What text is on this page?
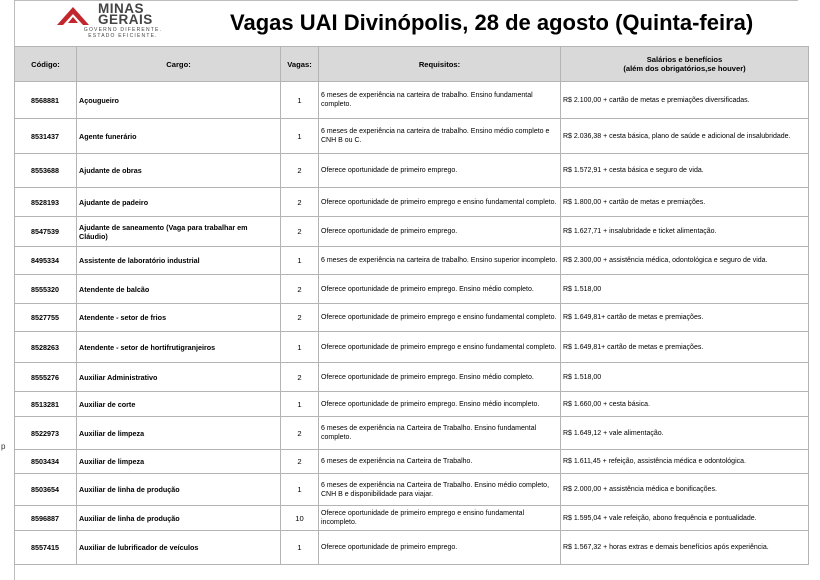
p
MINAS
GERAIS
GOVERNO DIFERENTE.
ESTADO EFICIENTE.
Vagas UAI Divinópolis, 28 de agosto (Quinta-feira)
Código:	Cargo:	Vagas:	Requisitos:	Salários e benefícios
(além dos obrigatórios,se houver)

8568881	Açougueiro	1	6 meses de experiência na carteira de trabalho. Ensino fundamental completo.	R$ 2.100,00 + cartão de metas e premiações diversificadas.
8531437	Agente funerário	1	6 meses de experiência na carteira de trabalho. Ensino médio completo e CNH B ou C.	R$ 2.036,38 + cesta básica, plano de saúde e adicional de insalubridade.
8553688	Ajudante de obras	2	Oferece oportunidade de primeiro emprego.	R$ 1.572,91 + cesta básica e seguro de vida.
8528193	Ajudante de padeiro	2	Oferece oportunidade de primeiro emprego e ensino fundamental completo.	R$ 1.800,00 + cartão de metas e premiações.
8547539	Ajudante de saneamento (Vaga para trabalhar em Cláudio)	2	Oferece oportunidade de primeiro emprego.	R$ 1.627,71 + insalubridade e ticket alimentação.
8495334	Assistente de laboratório industrial	1	6 meses de experiência na carteira de trabalho. Ensino superior incompleto.	R$ 2.300,00 + assistência médica, odontológica e seguro de vida.
8555320	Atendente de balcão	2	Oferece oportunidade de primeiro emprego. Ensino médio completo.	R$ 1.518,00
8527755	Atendente - setor de frios	2	Oferece oportunidade de primeiro emprego e ensino fundamental completo.	R$ 1.649,81+ cartão de metas e premiações.
8528263	Atendente - setor de hortifrutigranjeiros	1	Oferece oportunidade de primeiro emprego e ensino fundamental completo.	R$ 1.649,81+ cartão de metas e premiações.
8555276	Auxiliar Administrativo	2	Oferece oportunidade de primeiro emprego. Ensino médio completo.	R$ 1.518,00
8513281	Auxiliar de corte	1	Oferece oportunidade de primeiro emprego. Ensino médio incompleto.	R$ 1.660,00 + cesta básica.
8522973	Auxiliar de limpeza	2	6 meses de experiência na Carteira de Trabalho. Ensino fundamental completo.	R$ 1.649,12 + vale alimentação.
8503434	Auxiliar de limpeza	2	6 meses de experiência na Carteira de Trabalho.	R$ 1.611,45 + refeição, assistência médica e odontológica.
8503654	Auxiliar de linha de produção	1	6 meses de experiência na Carteira de Trabalho. Ensino médio completo, CNH B e disponibilidade para viajar.	R$ 2.000,00 + assistência médica e bonificações.
8596887	Auxiliar de linha de produção	10	Oferece oportunidade de primeiro emprego e ensino fundamental incompleto.	R$ 1.595,04 + vale refeição, abono frequência e pontualidade.
8557415	Auxiliar de lubrificador de veículos	1	Oferece oportunidade de primeiro emprego.	R$ 1.567,32 + horas extras e demais benefícios após experiência.
